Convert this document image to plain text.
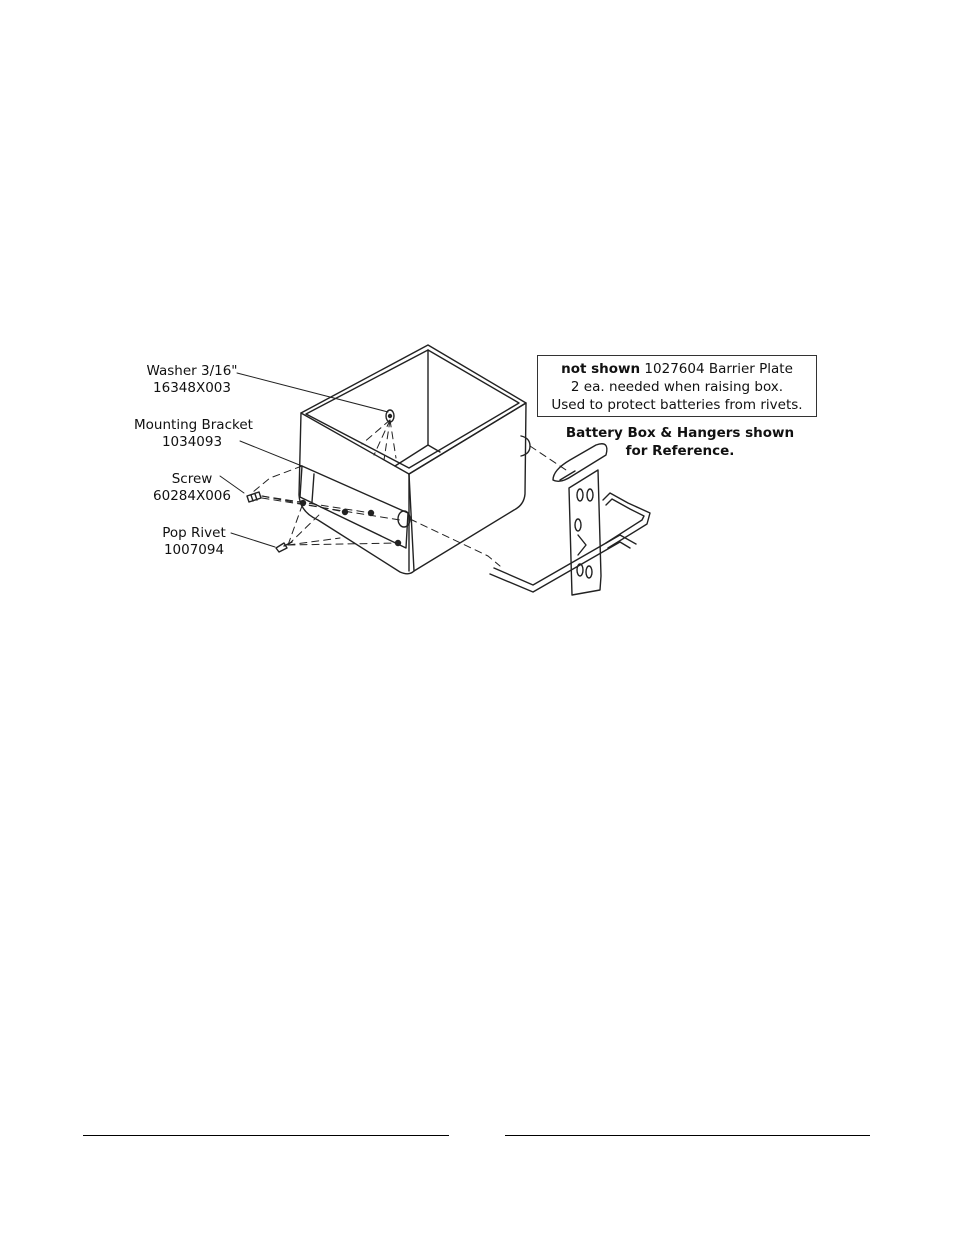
Washer 3/16"
16348X003
Mounting Bracket
1034093
Screw
60284X006
Pop Rivet
1007094
not shown 1027604 Barrier Plate
2 ea. needed when raising box.
Used to protect batteries from rivets.
Battery Box & Hangers shown
for Reference.
